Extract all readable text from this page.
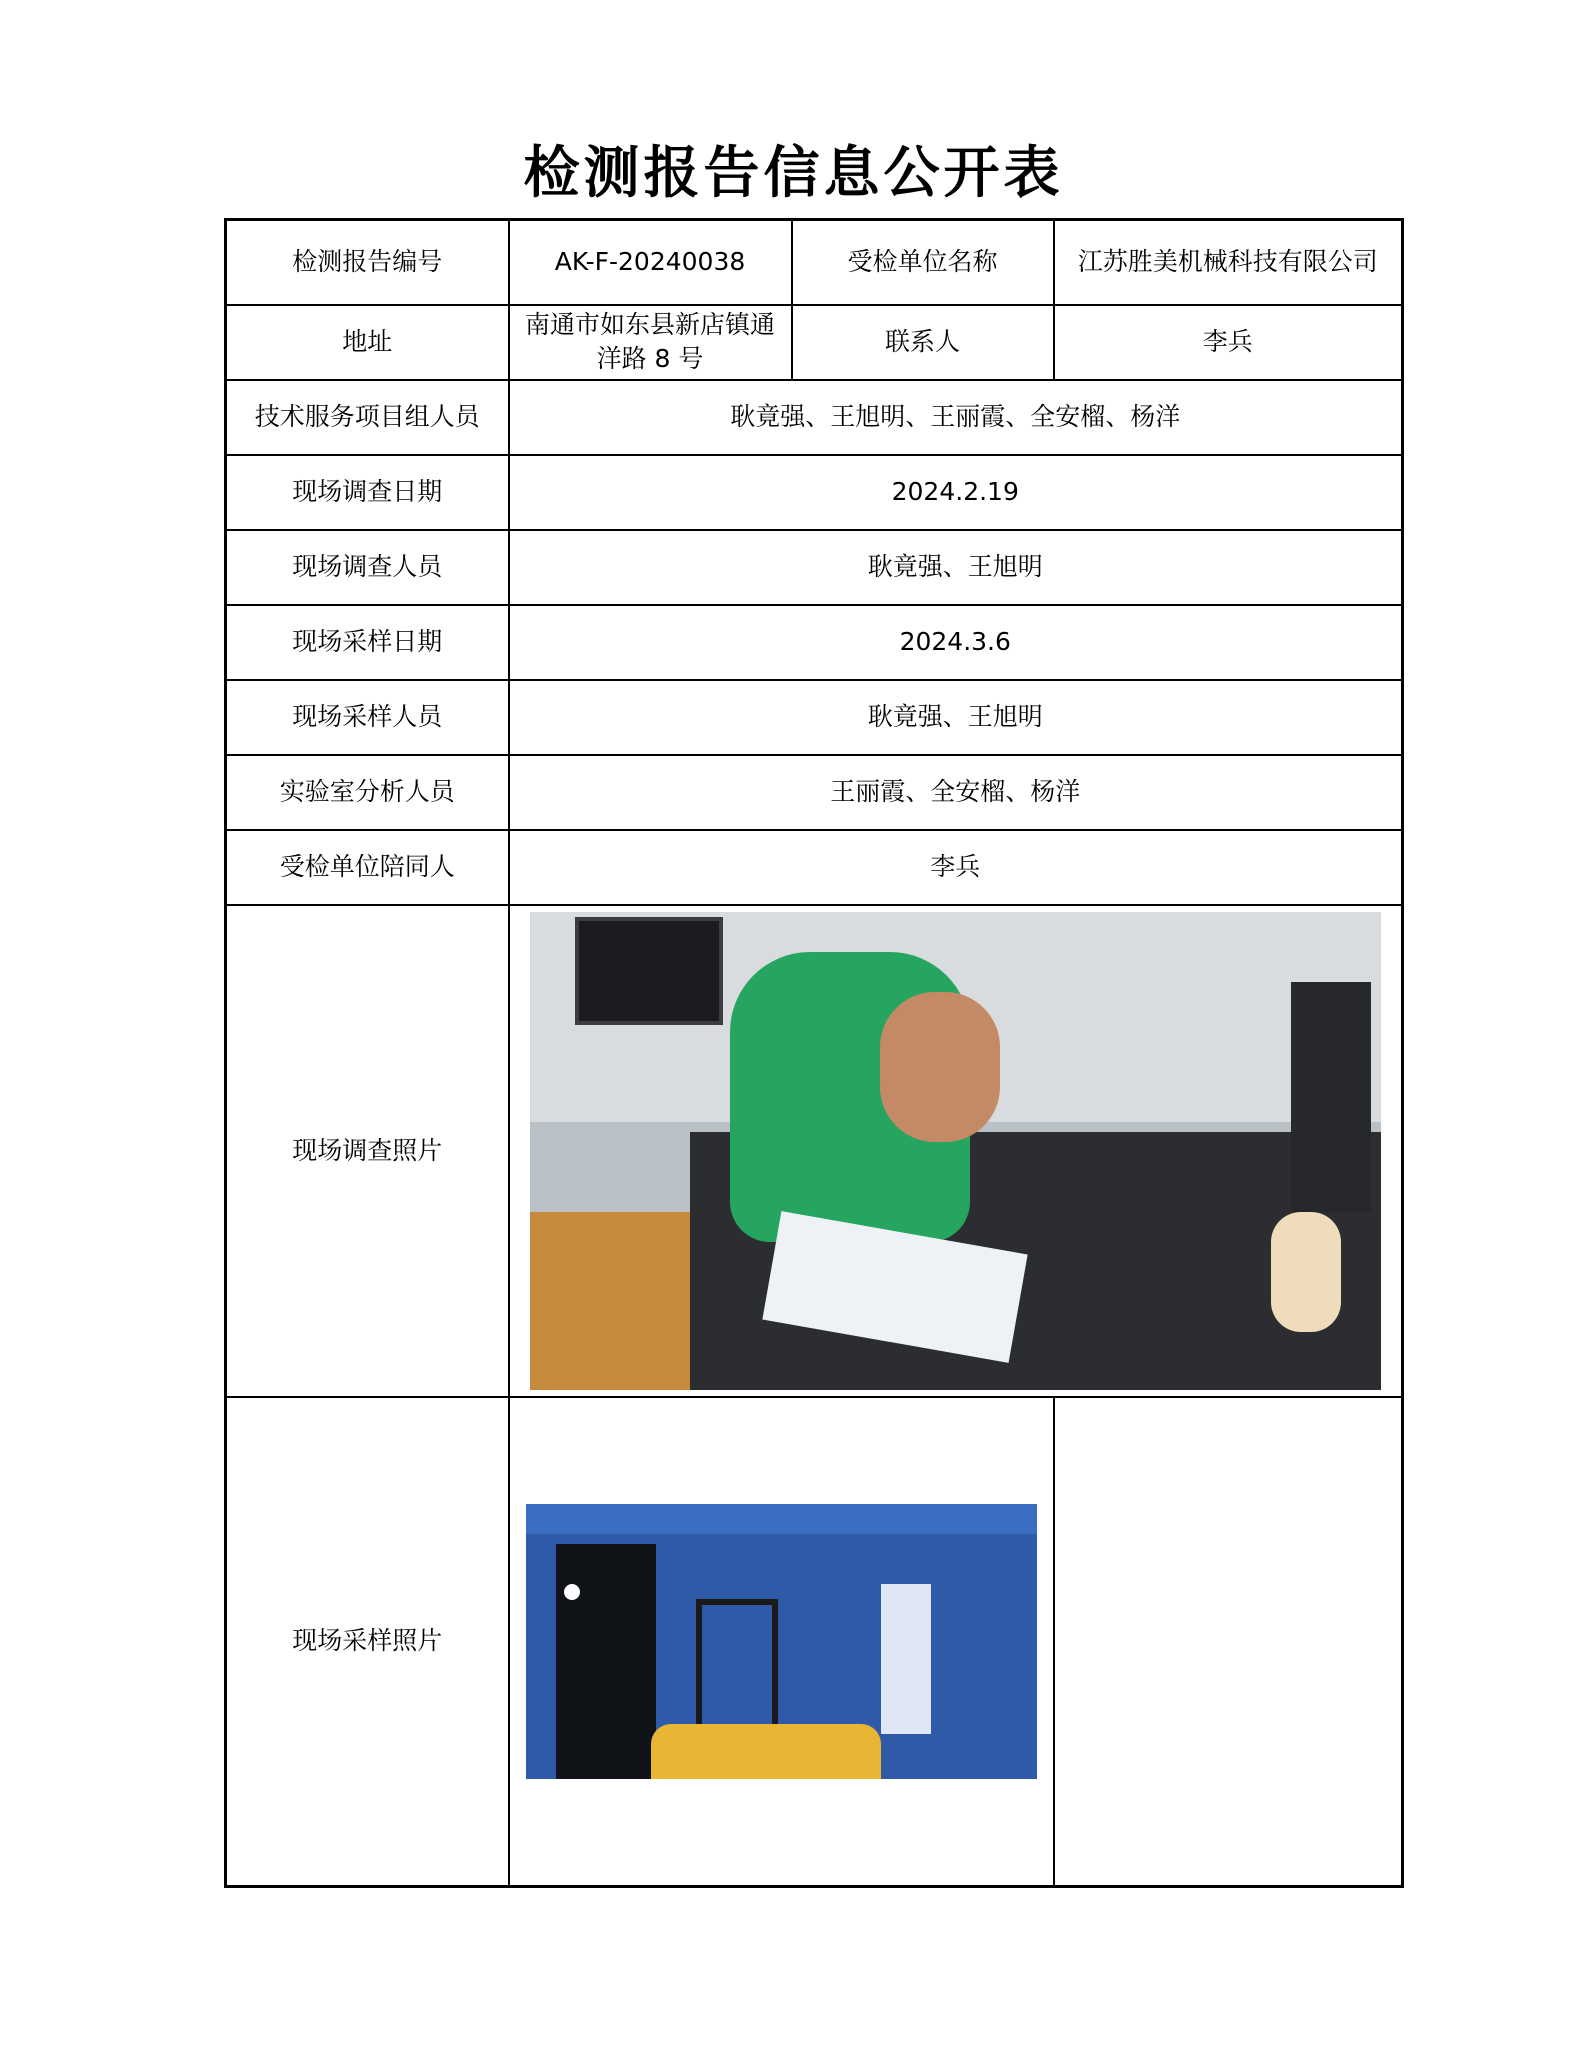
检测报告信息公开表
检测报告编号	AK-F-20240038	受检单位名称	江苏胜美机械科技有限公司
地址	南通市如东县新店镇通洋路 8 号	联系人	李兵
技术服务项目组人员	耿竟强、王旭明、王丽霞、全安榴、杨洋		
现场调查日期	2024.2.19		
现场调查人员	耿竟强、王旭明		
现场采样日期	2024.3.6		
现场采样人员	耿竟强、王旭明		
实验室分析人员	王丽霞、全安榴、杨洋		
受检单位陪同人	李兵		
现场调查照片			

现场采样照片		
